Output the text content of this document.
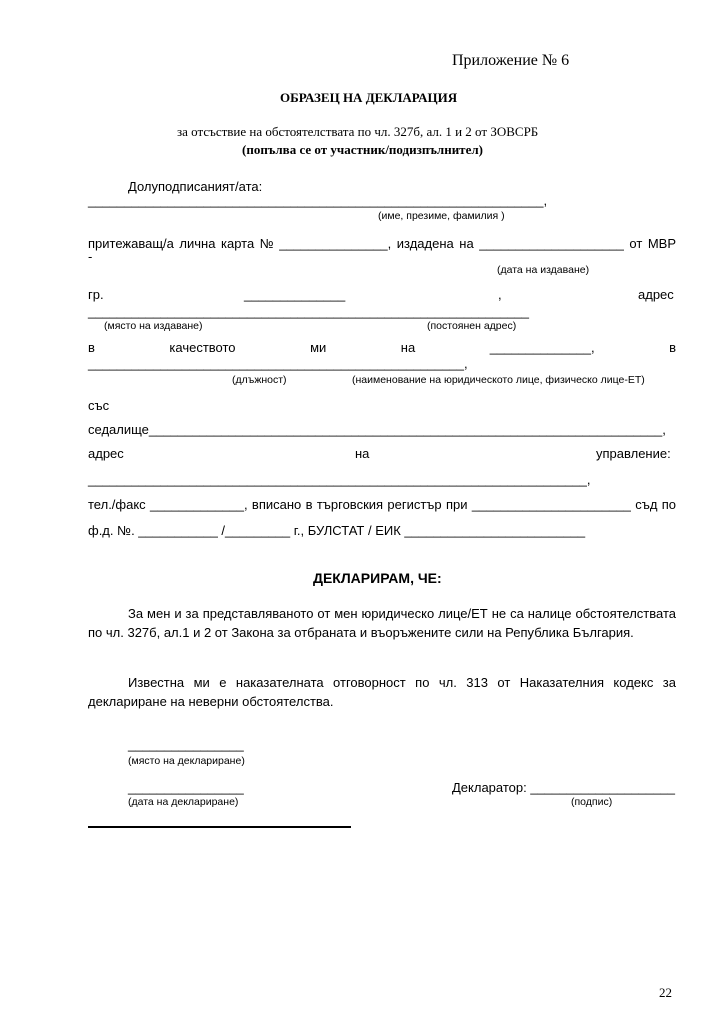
Приложение № 6
ОБРАЗЕЦ НА ДЕКЛАРАЦИЯ
за отсъствие на обстоятелствата по чл. 327б, ал. 1 и 2 от ЗОВСРБ
(попълва се от участник/подизпълнител)
Долуподписаният/ата:
_______________________________________________________________,
(име, презиме, фамилия )
притежаващ/а лична карта № _______________, издадена на ____________________ от МВР
-
(дата на издаване)
гр.	______________	,	адрес
_____________________________________________________________
(място на издаване)	(постоянен адрес)
в	качеството	ми	на	______________,	в
____________________________________________________,
(длъжност)	(наименование на юридическото лице, физическо лице-ЕТ)
със
седалище_______________________________________________________________________,
адрес	на	управление:
_____________________________________________________________________,
тел./факс _____________, вписано в търговския регистър при ______________________ съд по
ф.д. №. ___________ /_________ г., БУЛСТАТ / ЕИК _________________________
ДЕКЛАРИРАМ, ЧЕ:
За мен и за представляваното от мен юридическо лице/ЕТ не са налице обстоятелствата по чл. 327б, ал.1 и 2 от Закона за отбраната и въоръжените сили на Република България.
Известна ми е наказателната отговорност по чл. 313 от Наказателния кодекс за деклариране на неверни обстоятелства.
________________
(място на деклариране)
________________
(дата на деклариране)
Декларатор: ____________________
(подпис)
22
